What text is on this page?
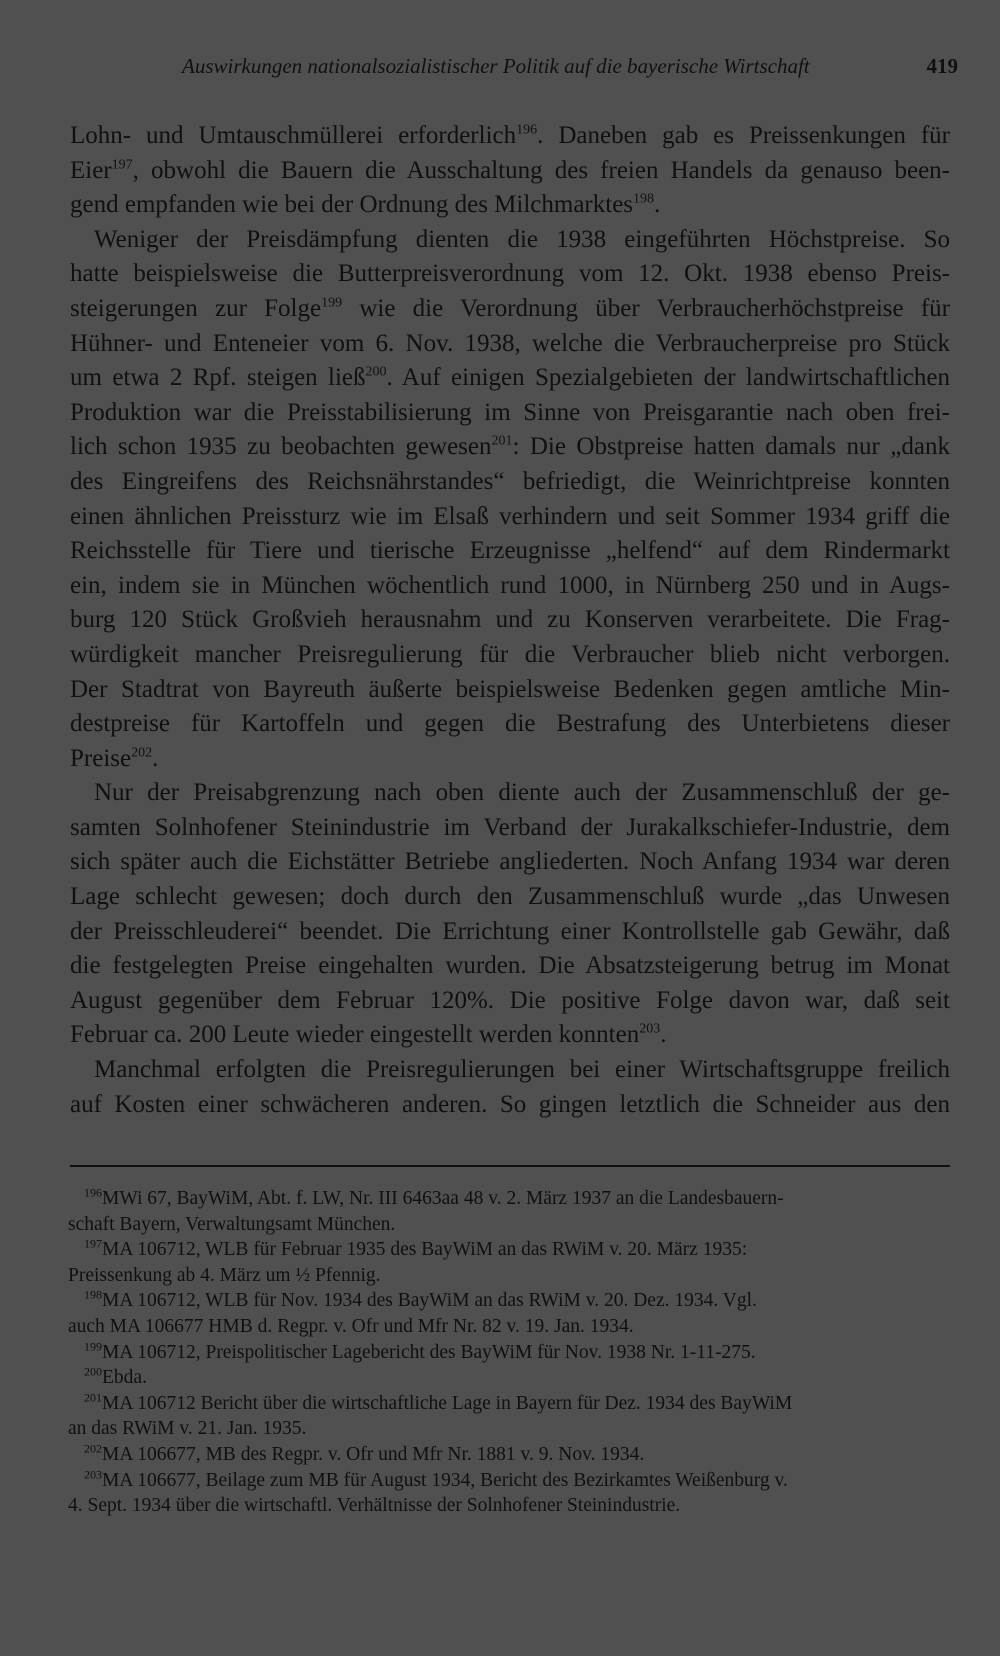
Auswirkungen nationalsozialistischer Politik auf die bayerische Wirtschaft	419
Lohn- und Umtauschmüllerei erforderlich$^{196}$. Daneben gab es Preissenkungen für
Eier$^{197}$, obwohl die Bauern die Ausschaltung des freien Handels da genauso been-
gend empfanden wie bei der Ordnung des Milchmarktes$^{198}$.
Weniger der Preisdämpfung dienten die 1938 eingeführten Höchstpreise. So
hatte beispielsweise die Butterpreisverordnung vom 12. Okt. 1938 ebenso Preis-
steigerungen zur Folge$^{199}$ wie die Verordnung über Verbraucherhöchstpreise für
Hühner- und Enteneier vom 6. Nov. 1938, welche die Verbraucherpreise pro Stück
um etwa 2 Rpf. steigen ließ$^{200}$. Auf einigen Spezialgebieten der landwirtschaftlichen
Produktion war die Preisstabilisierung im Sinne von Preisgarantie nach oben frei-
lich schon 1935 zu beobachten gewesen$^{201}$: Die Obstpreise hatten damals nur „dank
des Eingreifens des Reichsnährstandes“ befriedigt, die Weinrichtpreise konnten
einen ähnlichen Preissturz wie im Elsaß verhindern und seit Sommer 1934 griff die
Reichsstelle für Tiere und tierische Erzeugnisse „helfend“ auf dem Rindermarkt
ein, indem sie in München wöchentlich rund 1000, in Nürnberg 250 und in Augs-
burg 120 Stück Großvieh herausnahm und zu Konserven verarbeitete. Die Frag-
würdigkeit mancher Preisregulierung für die Verbraucher blieb nicht verborgen.
Der Stadtrat von Bayreuth äußerte beispielsweise Bedenken gegen amtliche Min-
destpreise für Kartoffeln und gegen die Bestrafung des Unterbietens dieser
Preise$^{202}$.
Nur der Preisabgrenzung nach oben diente auch der Zusammenschluß der ge-
samten Solnhofener Steinindustrie im Verband der Jurakalkschiefer-Industrie, dem
sich später auch die Eichstätter Betriebe angliederten. Noch Anfang 1934 war deren
Lage schlecht gewesen; doch durch den Zusammenschluß wurde „das Unwesen
der Preisschleuderei“ beendet. Die Errichtung einer Kontrollstelle gab Gewähr, daß
die festgelegten Preise eingehalten wurden. Die Absatzsteigerung betrug im Monat
August gegenüber dem Februar 120%. Die positive Folge davon war, daß seit
Februar ca. 200 Leute wieder eingestellt werden konnten$^{203}$.
Manchmal erfolgten die Preisregulierungen bei einer Wirtschaftsgruppe freilich
auf Kosten einer schwächeren anderen. So gingen letztlich die Schneider aus den
$^{196}$MWi 67, BayWiM, Abt. f. LW, Nr. III 6463aa 48 v. 2. März 1937 an die Landesbauern-
schaft Bayern, Verwaltungsamt München.
$^{197}$MA 106712, WLB für Februar 1935 des BayWiM an das RWiM v. 20. März 1935:
Preissenkung ab 4. März um ½ Pfennig.
$^{198}$MA 106712, WLB für Nov. 1934 des BayWiM an das RWiM v. 20. Dez. 1934. Vgl.
auch MA 106677 HMB d. Regpr. v. Ofr und Mfr Nr. 82 v. 19. Jan. 1934.
$^{199}$MA 106712, Preispolitischer Lagebericht des BayWiM für Nov. 1938 Nr. 1-11-275.
$^{200}$Ebda.
$^{201}$MA 106712 Bericht über die wirtschaftliche Lage in Bayern für Dez. 1934 des BayWiM
an das RWiM v. 21. Jan. 1935.
$^{202}$MA 106677, MB des Regpr. v. Ofr und Mfr Nr. 1881 v. 9. Nov. 1934.
$^{203}$MA 106677, Beilage zum MB für August 1934, Bericht des Bezirkamtes Weißenburg v.
4. Sept. 1934 über die wirtschaftl. Verhältnisse der Solnhofener Steinindustrie.
